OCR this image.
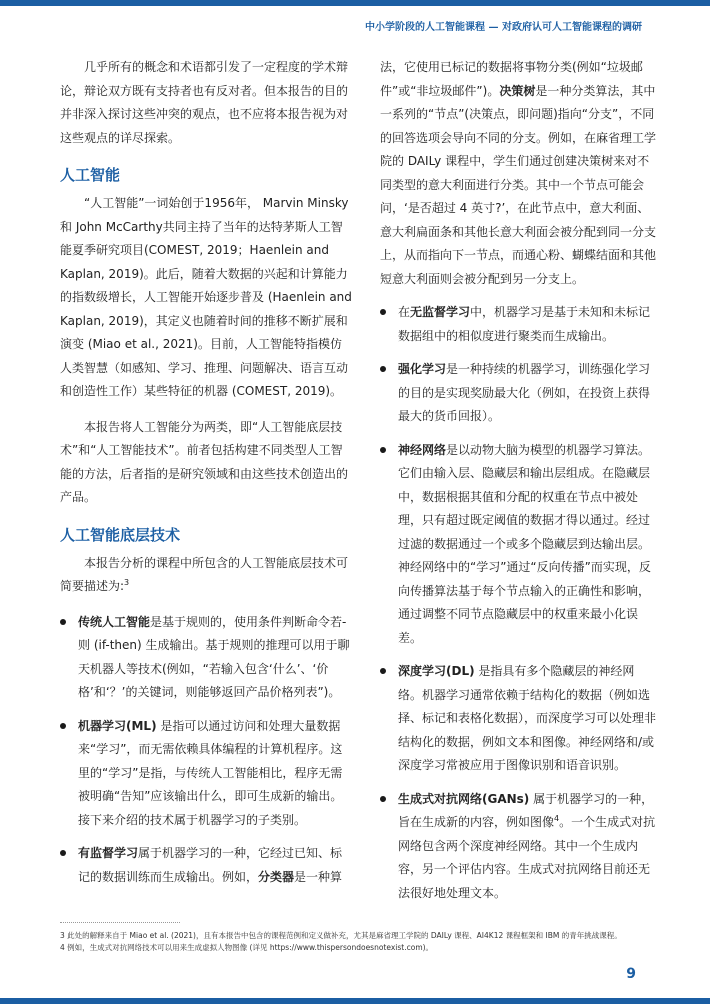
中小学阶段的人工智能课程 — 对政府认可人工智能课程的调研

几乎所有的概念和术语都引发了一定程度的学术辩论，辩论双方既有支持者也有反对者。但本报告的目的并非深入探讨这些冲突的观点，也不应将本报告视为对这些观点的详尽探索。

人工智能

“人工智能”一词始创于1956年， Marvin Minsky和 John McCarthy共同主持了当年的达特茅斯人工智能夏季研究项目(COMEST, 2019；Haenlein and Kaplan, 2019)。此后，随着大数据的兴起和计算能力的指数级增长，人工智能开始逐步普及 (Haenlein and Kaplan, 2019)，其定义也随着时间的推移不断扩展和演变 (Miao et al., 2021)。目前，人工智能特指模仿人类智慧（如感知、学习、推理、问题解决、语言互动和创造性工作）某些特征的机器 (COMEST, 2019)。

本报告将人工智能分为两类，即“人工智能底层技术”和“人工智能技术”。前者包括构建不同类型人工智能的方法，后者指的是研究领域和由这些技术创造出的产品。

人工智能底层技术

本报告分析的课程中所包含的人工智能底层技术可简要描述为:$^3$

传统人工智能是基于规则的，使用条件判断命令若-则 (if-then) 生成输出。基于规则的推理可以用于聊天机器人等技术(例如，“若输入包含‘什么’、‘价格’和‘？’的关键词，则能够返回产品价格列表”)。
机器学习(ML) 是指可以通过访问和处理大量数据来“学习”，而无需依赖具体编程的计算机程序。这里的“学习”是指，与传统人工智能相比，程序无需被明确“告知”应该输出什么，即可生成新的输出。接下来介绍的技术属于机器学习的子类别。
有监督学习属于机器学习的一种，它经过已知、标记的数据训练而生成输出。例如，分类器是一种算

法，它使用已标记的数据将事物分类(例如“垃圾邮件”或“非垃圾邮件”)。决策树是一种分类算法，其中一系列的“节点”(决策点，即问题)指向“分支”，不同的回答选项会导向不同的分支。例如，在麻省理工学院的 DAILy 课程中，学生们通过创建决策树来对不同类型的意大利面进行分类。其中一个节点可能会问，‘是否超过 4 英寸?’，在此节点中，意大利面、意大利扁面条和其他长意大利面会被分配到同一分支上，从而指向下一节点，而通心粉、蝴蝶结面和其他短意大利面则会被分配到另一分支上。

在无监督学习中，机器学习是基于未知和未标记数据组中的相似度进行聚类而生成输出。
强化学习是一种持续的机器学习，训练强化学习的目的是实现奖励最大化（例如，在投资上获得最大的货币回报）。
神经网络是以动物大脑为模型的机器学习算法。它们由输入层、隐藏层和输出层组成。在隐藏层中，数据根据其值和分配的权重在节点中被处理，只有超过既定阈值的数据才得以通过。经过过滤的数据通过一个或多个隐藏层到达输出层。神经网络中的“学习”通过“反向传播”而实现，反向传播算法基于每个节点输入的正确性和影响，通过调整不同节点隐藏层中的权重来最小化误差。
深度学习(DL) 是指具有多个隐藏层的神经网络。机器学习通常依赖于结构化的数据（例如选择、标记和表格化数据），而深度学习可以处理非结构化的数据，例如文本和图像。神经网络和/或深度学习常被应用于图像识别和语音识别。
生成式对抗网络(GANs) 属于机器学习的一种，旨在生成新的内容，例如图像$^4$。一个生成式对抗网络包含两个深度神经网络。其中一个生成内容，另一个评估内容。生成式对抗网络目前还无法很好地处理文本。
3 此处的解释来自于 Miao et al. (2021)，且有本报告中包含的课程范例和定义做补充，尤其是麻省理工学院的 DAILy 课程、AI4K12 课程框架和 IBM 的青年挑战课程。
4 例如，生成式对抗网络技术可以用来生成虚拟人物图像 (详见 https://www.thispersondoesnotexist.com)。
9
